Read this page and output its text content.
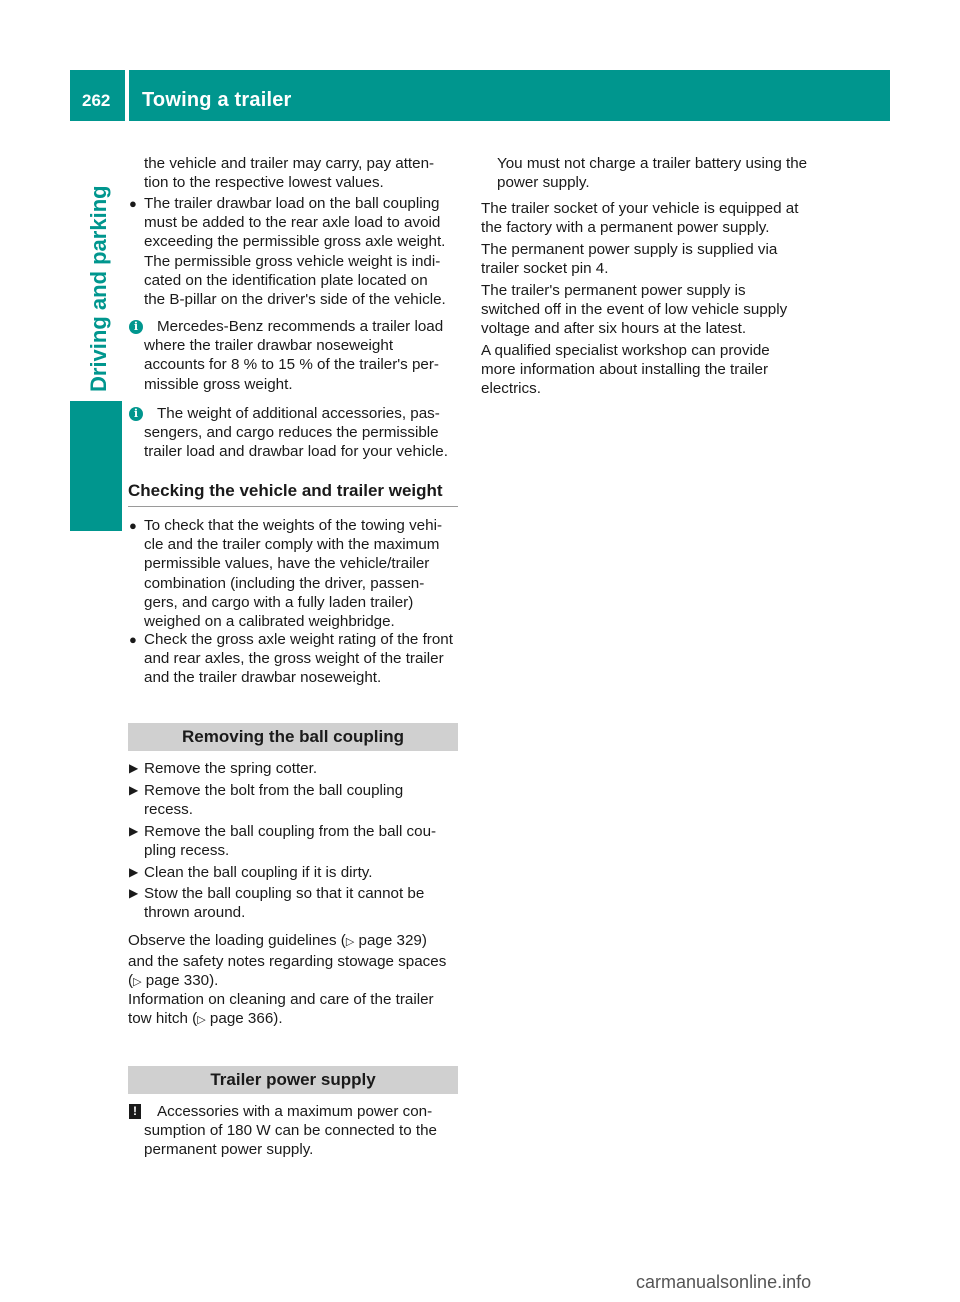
262 Towing a trailer
Driving and parking
the vehicle and trailer may carry, pay atten-
tion to the respective lowest values.
● The trailer drawbar load on the ball coupling
must be added to the rear axle load to avoid
exceeding the permissible gross axle weight.
The permissible gross vehicle weight is indi-
cated on the identification plate located on
the B-pillar on the driver's side of the vehicle.
i	Mercedes-Benz recommends a trailer load
where the trailer drawbar noseweight
accounts for 8 % to 15 % of the trailer's per-
missible gross weight.
i	The weight of additional accessories, pas-
sengers, and cargo reduces the permissible
trailer load and drawbar load for your vehicle.
Checking the vehicle and trailer weight
● To check that the weights of the towing vehi-
cle and the trailer comply with the maximum
permissible values, have the vehicle/trailer
combination (including the driver, passen-
gers, and cargo with a fully laden trailer)
weighed on a calibrated weighbridge.
● Check the gross axle weight rating of the front
and rear axles, the gross weight of the trailer
and the trailer drawbar noseweight.
Removing the ball coupling
▶ Remove the spring cotter.
▶ Remove the bolt from the ball coupling
recess.
▶ Remove the ball coupling from the ball cou-
pling recess.
▶ Clean the ball coupling if it is dirty.
▶ Stow the ball coupling so that it cannot be
thrown around.
Observe the loading guidelines (▷ page 329)
and the safety notes regarding stowage spaces
(▷ page 330).
Information on cleaning and care of the trailer
tow hitch (▷ page 366).
Trailer power supply
! Accessories with a maximum power con-
sumption of 180 W can be connected to the
permanent power supply.
You must not charge a trailer battery using the
power supply.
The trailer socket of your vehicle is equipped at
the factory with a permanent power supply.
The permanent power supply is supplied via
trailer socket pin 4.
The trailer's permanent power supply is
switched off in the event of low vehicle supply
voltage and after six hours at the latest.
A qualified specialist workshop can provide
more information about installing the trailer
electrics.
carmanualsonline.info
